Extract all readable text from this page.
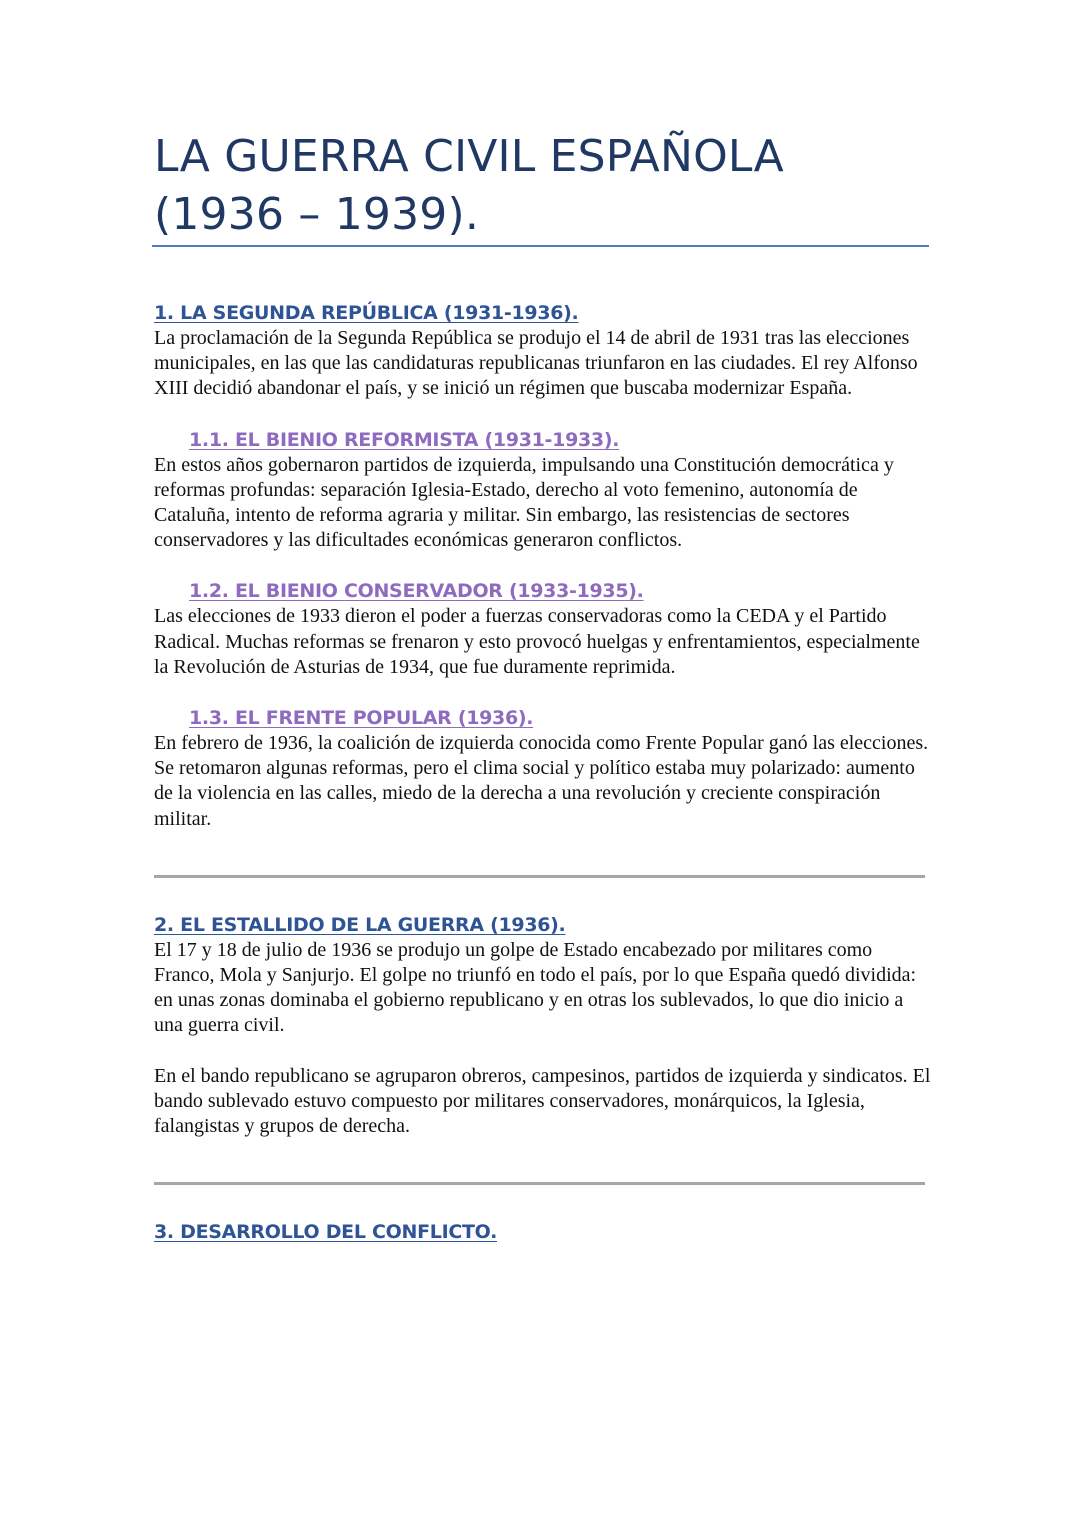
LA GUERRA CIVIL ESPAÑOLA
(1936 – 1939).
1. LA SEGUNDA REPÚBLICA (1931-1936).

La proclamación de la Segunda República se produjo el 14 de abril de 1931 tras las elecciones municipales, en las que las candidaturas republicanas triunfaron en las ciudades. El rey Alfonso XIII decidió abandonar el país, y se inició un régimen que buscaba modernizar España.

1.1. EL BIENIO REFORMISTA (1931-1933).

En estos años gobernaron partidos de izquierda, impulsando una Constitución democrática y reformas profundas: separación Iglesia-Estado, derecho al voto femenino, autonomía de Cataluña, intento de reforma agraria y militar. Sin embargo, las resistencias de sectores conservadores y las dificultades económicas generaron conflictos.

1.2. EL BIENIO CONSERVADOR (1933-1935).

Las elecciones de 1933 dieron el poder a fuerzas conservadoras como la CEDA y el Partido Radical. Muchas reformas se frenaron y esto provocó huelgas y enfrentamientos, especialmente la Revolución de Asturias de 1934, que fue duramente reprimida.

1.3. EL FRENTE POPULAR (1936).

En febrero de 1936, la coalición de izquierda conocida como Frente Popular ganó las elecciones. Se retomaron algunas reformas, pero el clima social y político estaba muy polarizado: aumento de la violencia en las calles, miedo de la derecha a una revolución y creciente conspiración militar.

2. EL ESTALLIDO DE LA GUERRA (1936).

El 17 y 18 de julio de 1936 se produjo un golpe de Estado encabezado por militares como Franco, Mola y Sanjurjo. El golpe no triunfó en todo el país, por lo que España quedó dividida: en unas zonas dominaba el gobierno republicano y en otras los sublevados, lo que dio inicio a una guerra civil.

En el bando republicano se agruparon obreros, campesinos, partidos de izquierda y sindicatos. El bando sublevado estuvo compuesto por militares conservadores, monárquicos, la Iglesia, falangistas y grupos de derecha.

3. DESARROLLO DEL CONFLICTO.
